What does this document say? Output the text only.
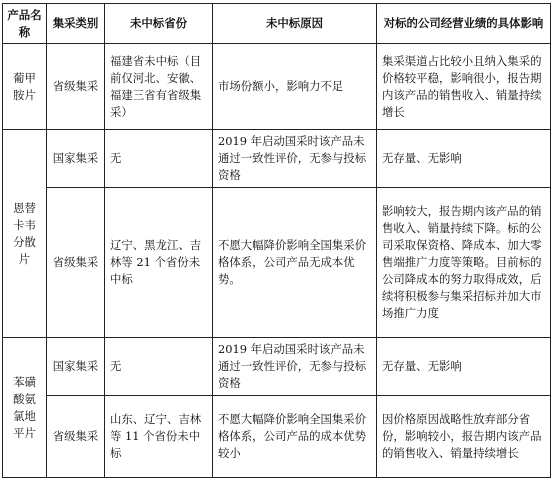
产品名称	集采类别	未中标省份	未中标原因	对标的公司经营业绩的具体影响
葡甲胺片	省级集采	福建省未中标（目前仅河北、安徽、福建三省有省级集采）	市场份额小，影响力不足	集采渠道占比较小且纳入集采的价格较平稳，影响很小，报告期内该产品的销售收入、销量持续增长
恩替卡韦分散片	国家集采	无	2019 年启动国采时该产品未通过一致性评价，无参与投标资格	无存量、无影响
	省级集采	辽宁、黑龙江、吉林等 21 个省份未中标	不愿大幅降价影响全国集采价格体系，公司产品无成本优势。	影响较大，报告期内该产品的销售收入、销量持续下降。标的公司采取保资格、降成本、加大零售端推广力度等策略。目前标的公司降成本的努力取得成效，后续将积极参与集采招标并加大市场推广力度
苯磺酸氨氯地平片	国家集采	无	2019 年启动国采时该产品未通过一致性评价，无参与投标资格	无存量、无影响
	省级集采	山东、辽宁、吉林等 11 个省份未中标	不愿大幅降价影响全国集采价格体系，公司产品的成本优势较小	因价格原因战略性放弃部分省份，影响较小，报告期内该产品的销售收入、销量持续增长
